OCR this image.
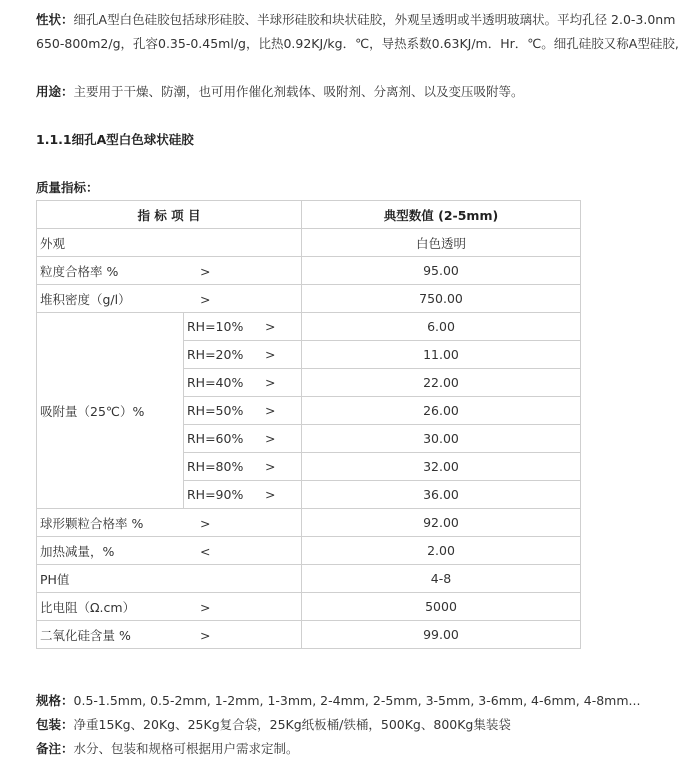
性状：细孔A型白色硅胶包括球形硅胶、半球形硅胶和块状硅胶，外观呈透明或半透明玻璃状。平均孔径 2.0-3.0nm
650-800m2/g，孔容0.35-0.45ml/g，比热0.92KJ/kg．℃，导热系数0.63KJ/m．Hr．℃。细孔硅胶又称A型硅胶,
用途：主要用于干燥、防潮，也可用作催化剂载体、吸附剂、分离剂、以及变压吸附等。
1.1.1细孔A型白色球状硅胶
质量指标：
指 标 项 目		典型数值 (2-5mm)
外观		白色透明
粒度合格率 % >		95.00
堆积密度（g/l） >		750.00
吸附量（25℃）%	RH=10% >	6.00
	RH=20% >	11.00
	RH=40% >	22.00
	RH=50% >	26.00
	RH=60% >	30.00
	RH=80% >	32.00
	RH=90% >	36.00
球形颗粒合格率 % >		92.00
加热减量，% <		2.00
PH值		4-8
比电阻（Ω.cm） >		5000
二氧化硅含量 % >		99.00
规格：0.5-1.5mm, 0.5-2mm, 1-2mm, 1-3mm, 2-4mm, 2-5mm, 3-5mm, 3-6mm, 4-6mm, 4-8mm...
包装：净重15Kg、20Kg、25Kg复合袋，25Kg纸板桶/铁桶，500Kg、800Kg集装袋
备注：水分、包装和规格可根据用户需求定制。
